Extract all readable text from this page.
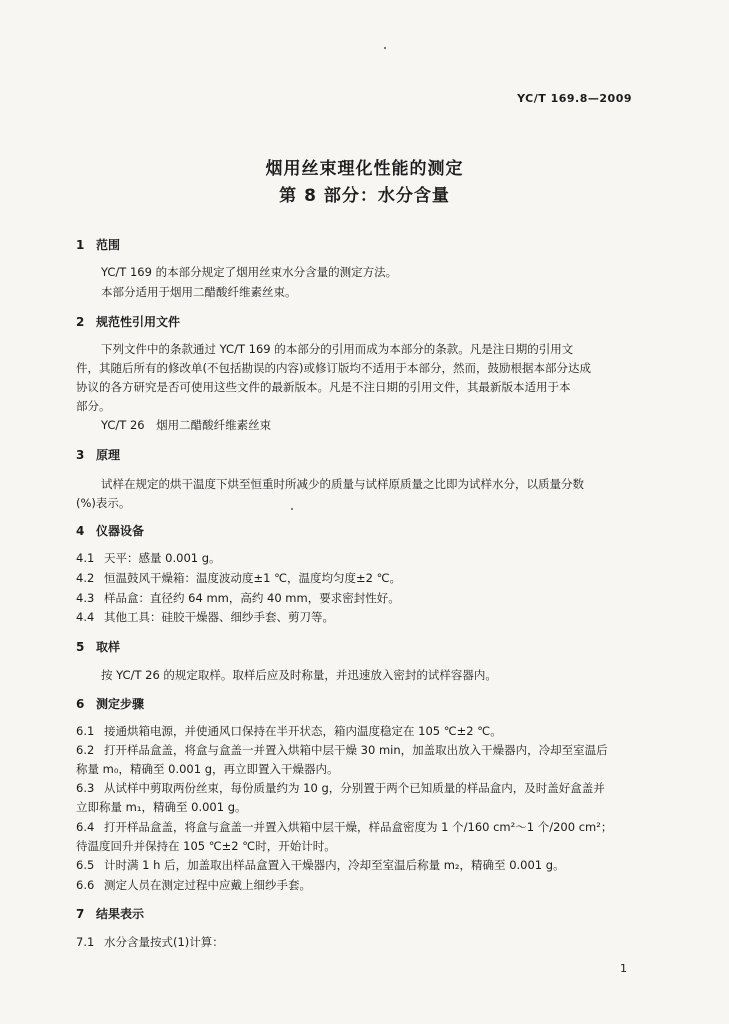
YC/T 169.8—2009
烟用丝束理化性能的测定
第 8 部分：水分含量
1 范围
YC/T 169 的本部分规定了烟用丝束水分含量的测定方法。
本部分适用于烟用二醋酸纤维素丝束。
2 规范性引用文件
下列文件中的条款通过 YC/T 169 的本部分的引用而成为本部分的条款。凡是注日期的引用文
件，其随后所有的修改单(不包括勘误的内容)或修订版均不适用于本部分，然而，鼓励根据本部分达成
协议的各方研究是否可使用这些文件的最新版本。凡是不注日期的引用文件，其最新版本适用于本
部分。
YC/T 26　烟用二醋酸纤维素丝束
3 原理
试样在规定的烘干温度下烘至恒重时所减少的质量与试样原质量之比即为试样水分，以质量分数
(%)表示。
4 仪器设备
4.1 天平：感量 0.001 g。
4.2 恒温鼓风干燥箱：温度波动度±1 ℃，温度均匀度±2 ℃。
4.3 样品盒：直径约 64 mm，高约 40 mm，要求密封性好。
4.4 其他工具：硅胶干燥器、细纱手套、剪刀等。
5 取样
按 YC/T 26 的规定取样。取样后应及时称量，并迅速放入密封的试样容器内。
6 测定步骤
6.1 接通烘箱电源，并使通风口保持在半开状态，箱内温度稳定在 105 ℃±2 ℃。
6.2 打开样品盒盖，将盒与盒盖一并置入烘箱中层干燥 30 min，加盖取出放入干燥器内，冷却至室温后
称量 m₀，精确至 0.001 g，再立即置入干燥器内。
6.3 从试样中剪取两份丝束，每份质量约为 10 g，分别置于两个已知质量的样品盒内，及时盖好盒盖并
立即称量 m₁，精确至 0.001 g。
6.4 打开样品盒盖，将盒与盒盖一并置入烘箱中层干燥，样品盒密度为 1 个/160 cm²～1 个/200 cm²；
待温度回升并保持在 105 ℃±2 ℃时，开始计时。
6.5 计时满 1 h 后，加盖取出样品盒置入干燥器内，冷却至室温后称量 m₂，精确至 0.001 g。
6.6 测定人员在测定过程中应戴上细纱手套。
7 结果表示
7.1 水分含量按式(1)计算：
1
